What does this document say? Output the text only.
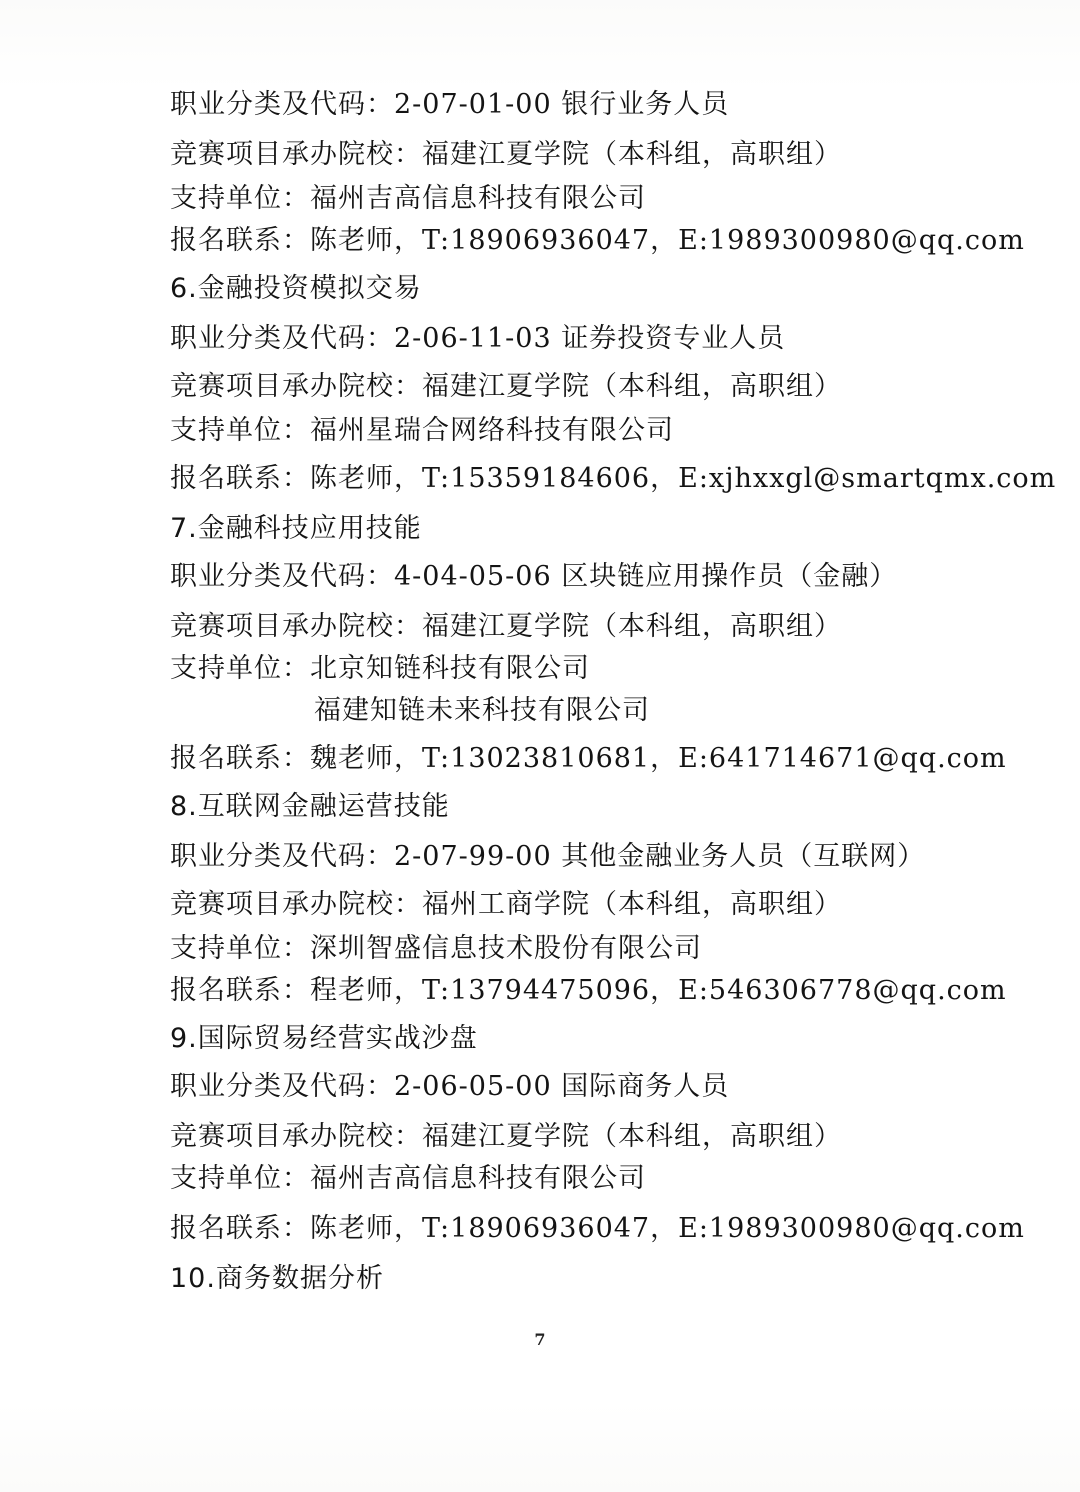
职业分类及代码：2-07-01-00 银行业务人员
竞赛项目承办院校：福建江夏学院（本科组，高职组）
支持单位：福州吉高信息科技有限公司
报名联系：陈老师，T:18906936047，E:1989300980@qq.com
6.金融投资模拟交易
职业分类及代码：2-06-11-03 证券投资专业人员
竞赛项目承办院校：福建江夏学院（本科组，高职组）
支持单位：福州星瑞合网络科技有限公司
报名联系：陈老师，T:15359184606，E:xjhxxgl@smartqmx.com
7.金融科技应用技能
职业分类及代码：4-04-05-06 区块链应用操作员（金融）
竞赛项目承办院校：福建江夏学院（本科组，高职组）
支持单位：北京知链科技有限公司
福建知链未来科技有限公司
报名联系：魏老师，T:13023810681，E:641714671@qq.com
8.互联网金融运营技能
职业分类及代码：2-07-99-00 其他金融业务人员（互联网）
竞赛项目承办院校：福州工商学院（本科组，高职组）
支持单位：深圳智盛信息技术股份有限公司
报名联系：程老师，T:13794475096，E:546306778@qq.com
9.国际贸易经营实战沙盘
职业分类及代码：2-06-05-00 国际商务人员
竞赛项目承办院校：福建江夏学院（本科组，高职组）
支持单位：福州吉高信息科技有限公司
报名联系：陈老师，T:18906936047，E:1989300980@qq.com
10.商务数据分析
7
